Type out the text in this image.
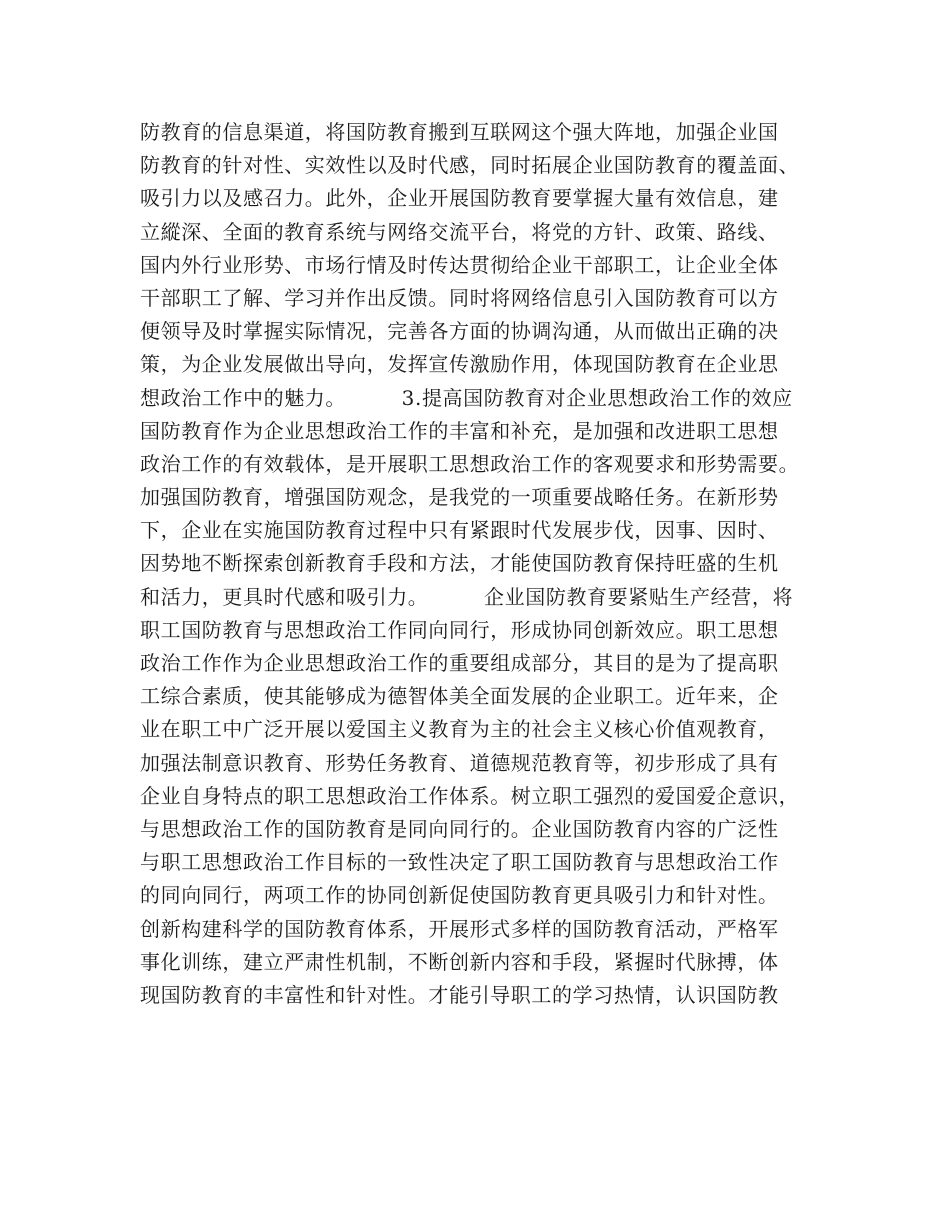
防教育的信息渠道，将国防教育搬到互联网这个强大阵地，加强企业国
防教育的针对性、实效性以及时代感，同时拓展企业国防教育的覆盖面、
吸引力以及感召力。此外，企业开展国防教育要掌握大量有效信息，建
立縱深、全面的教育系统与网络交流平台，将党的方针、政策、路线、
国内外行业形势、市场行情及时传达贯彻给企业干部职工，让企业全体
干部职工了解、学习并作出反馈。同时将网络信息引入国防教育可以方
便领导及时掌握实际情况，完善各方面的协调沟通，从而做出正确的决
策，为企业发展做出导向，发挥宣传激励作用，体现国防教育在企业思
想政治工作中的魅力。        3.提高国防教育对企业思想政治工作的效应
国防教育作为企业思想政治工作的丰富和补充，是加强和改进职工思想
政治工作的有效载体，是开展职工思想政治工作的客观要求和形势需要。
加强国防教育，增强国防观念，是我党的一项重要战略任务。在新形势
下，企业在实施国防教育过程中只有紧跟时代发展步伐，因事、因时、
因势地不断探索创新教育手段和方法，才能使国防教育保持旺盛的生机
和活力，更具时代感和吸引力。        企业国防教育要紧贴生产经营，将
职工国防教育与思想政治工作同向同行，形成协同创新效应。职工思想
政治工作作为企业思想政治工作的重要组成部分，其目的是为了提高职
工综合素质，使其能够成为德智体美全面发展的企业职工。近年来，企
业在职工中广泛开展以爱国主义教育为主的社会主义核心价值观教育，
加强法制意识教育、形势任务教育、道德规范教育等，初步形成了具有
企业自身特点的职工思想政治工作体系。树立职工强烈的爱国爱企意识，
与思想政治工作的国防教育是同向同行的。企业国防教育内容的广泛性
与职工思想政治工作目标的一致性决定了职工国防教育与思想政治工作
的同向同行，两项工作的协同创新促使国防教育更具吸引力和针对性。
创新构建科学的国防教育体系，开展形式多样的国防教育活动，严格军
事化训练，建立严肃性机制，不断创新内容和手段，紧握时代脉搏，体
现国防教育的丰富性和针对性。才能引导职工的学习热情，认识国防教
